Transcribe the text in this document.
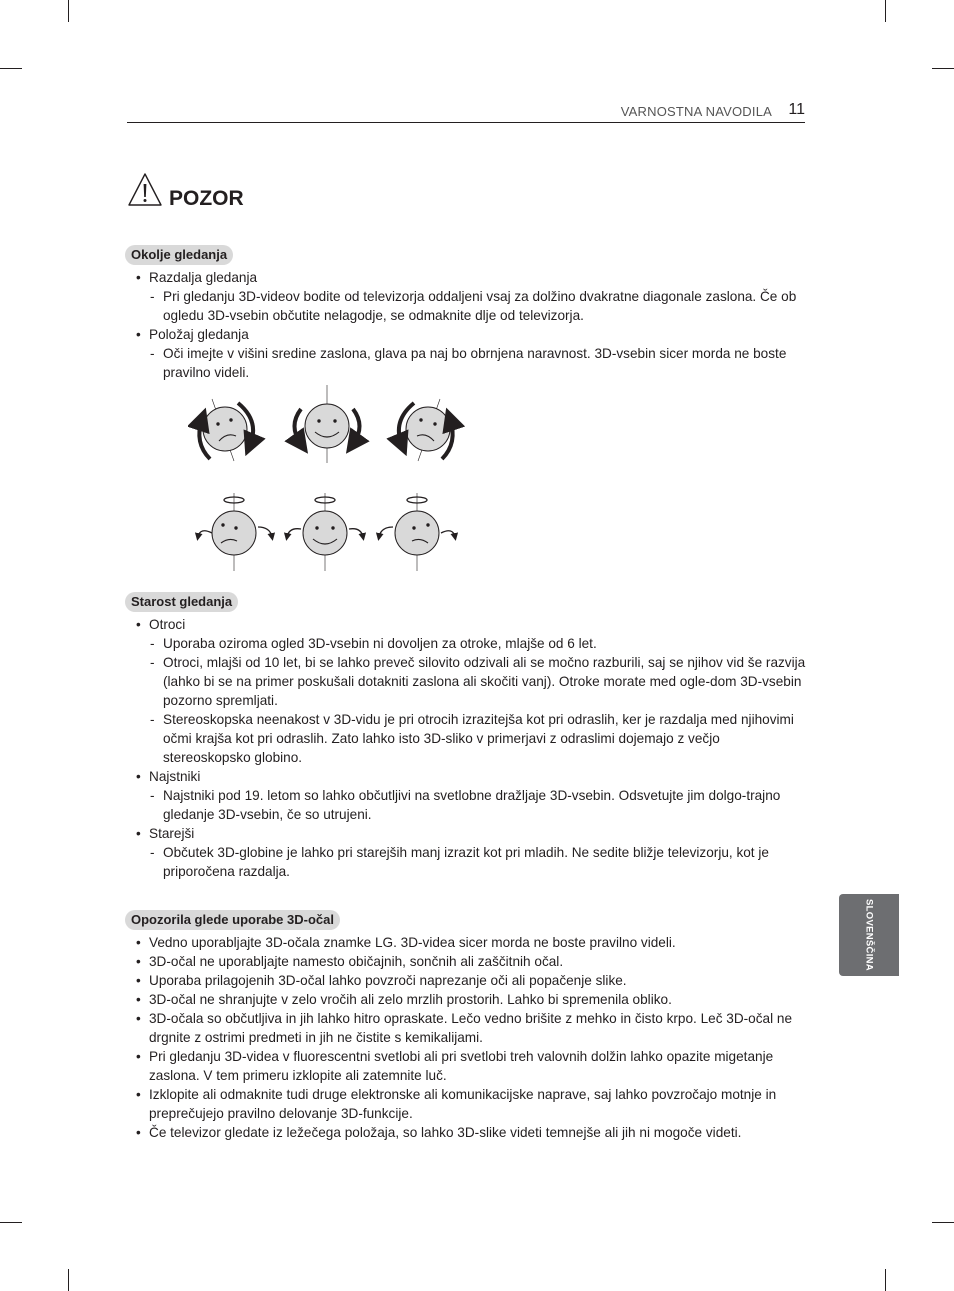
VARNOSTNA NAVODILA 11
POZOR
Okolje gledanja
• Razdalja gledanja
- Pri gledanju 3D-videov bodite od televizorja oddaljeni vsaj za dolžino dvakratne diagonale zaslona. Če ob ogledu 3D-vsebin občutite nelagodje, se odmaknite dlje od televizorja.
• Položaj gledanja
- Oči imejte v višini sredine zaslona, glava pa naj bo obrnjena naravnost. 3D-vsebin sicer morda ne boste pravilno videli.
Starost gledanja
• Otroci
- Uporaba oziroma ogled 3D-vsebin ni dovoljen za otroke, mlajše od 6 let.
- Otroci, mlajši od 10 let, bi se lahko preveč silovito odzivali ali se močno razburili, saj se njihov vid še razvija (lahko bi se na primer poskušali dotakniti zaslona ali skočiti vanj). Otroke morate med ogle-dom 3D-vsebin pozorno spremljati.
- Stereoskopska neenakost v 3D-vidu je pri otrocih izrazitejša kot pri odraslih, ker je razdalja med njihovimi očmi krajša kot pri odraslih. Zato lahko isto 3D-sliko v primerjavi z odraslimi dojemajo z večjo stereoskopsko globino.
• Najstniki
- Najstniki pod 19. letom so lahko občutljivi na svetlobne dražljaje 3D-vsebin. Odsvetujte jim dolgo-trajno gledanje 3D-vsebin, če so utrujeni.
• Starejši
- Občutek 3D-globine je lahko pri starejših manj izrazit kot pri mladih. Ne sedite bližje televizorju, kot je priporočena razdalja.
Opozorila glede uporabe 3D-očal
• Vedno uporabljajte 3D-očala znamke LG. 3D-videa sicer morda ne boste pravilno videli.
• 3D-očal ne uporabljajte namesto običajnih, sončnih ali zaščitnih očal.
• Uporaba prilagojenih 3D-očal lahko povzroči naprezanje oči ali popačenje slike.
• 3D-očal ne shranjujte v zelo vročih ali zelo mrzlih prostorih. Lahko bi spremenila obliko.
• 3D-očala so občutljiva in jih lahko hitro opraskate. Lečo vedno brišite z mehko in čisto krpo. Leč 3D-očal ne drgnite z ostrimi predmeti in jih ne čistite s kemikalijami.
• Pri gledanju 3D-videa v fluorescentni svetlobi ali pri svetlobi treh valovnih dolžin lahko opazite migetanje zaslona. V tem primeru izklopite ali zatemnite luč.
• Izklopite ali odmaknite tudi druge elektronske ali komunikacijske naprave, saj lahko povzročajo motnje in preprečujejo pravilno delovanje 3D-funkcije.
• Če televizor gledate iz ležečega položaja, so lahko 3D-slike videti temnejše ali jih ni mogoče videti.
SLOVENŠČINA
